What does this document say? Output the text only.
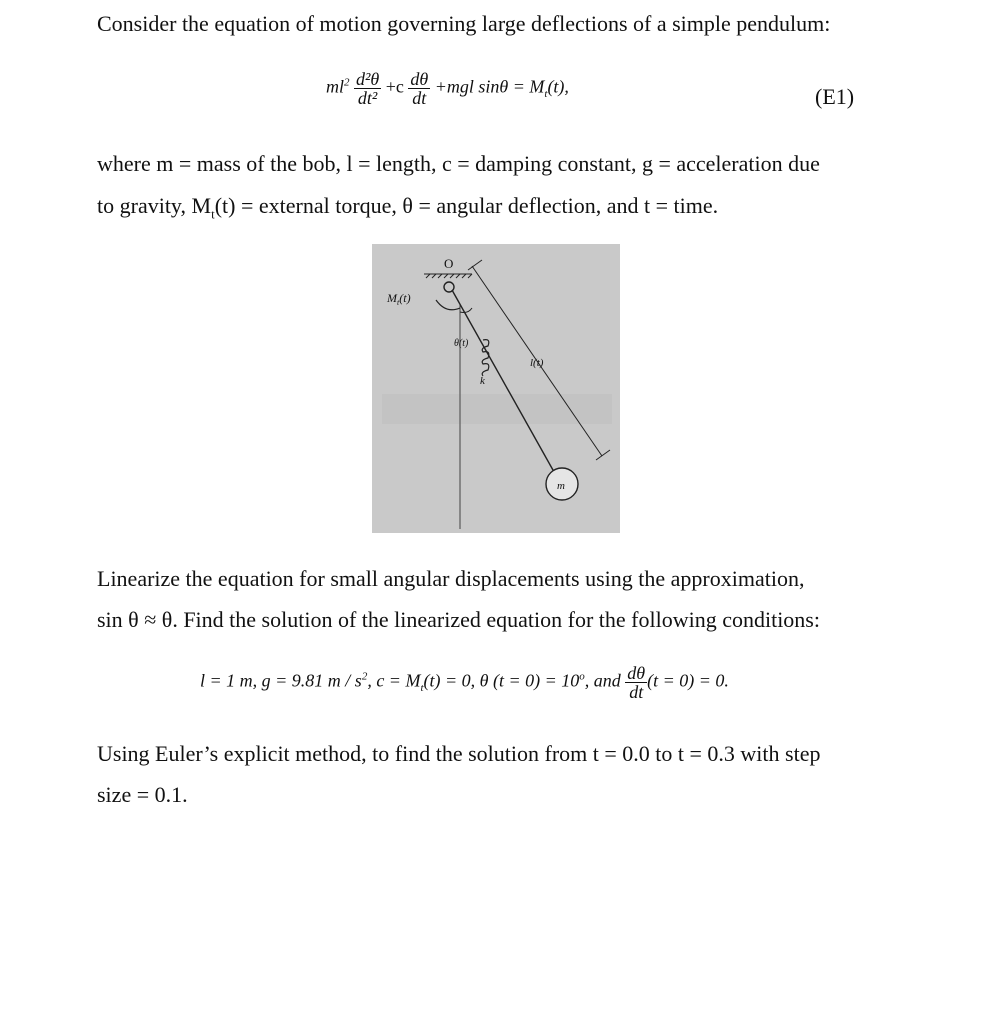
Consider the equation of motion governing large deflections of a simple pendulum:
$ml^2 \frac{\text{d²θ}}{\text{dt²}} +c \frac{d\theta}{dt} +mgl$ $\sin\theta = M_t(t)$,	(E1)
where m = mass of the bob, l = length, c = damping constant, g = acceleration due
to gravity, $M_t(t)$ = external torque, θ = angular deflection, and t = time.
O
m
l(t)
$M_t(t)$
θ(t)
k
Linearize the equation for small angular displacements using the approximation,
sin θ ≈ θ. Find the solution of the linearized equation for the following conditions:
l = 1 m, g = 9.81 m / $s^2$, $c = M_t(t) = 0$, θ $(t = 0) = 10^o$, and $\frac{d\theta}{dt} (t = 0) = 0$.
Using Euler’s explicit method, to find the solution from t = 0.0 to t = 0.3 with step
size = 0.1.
